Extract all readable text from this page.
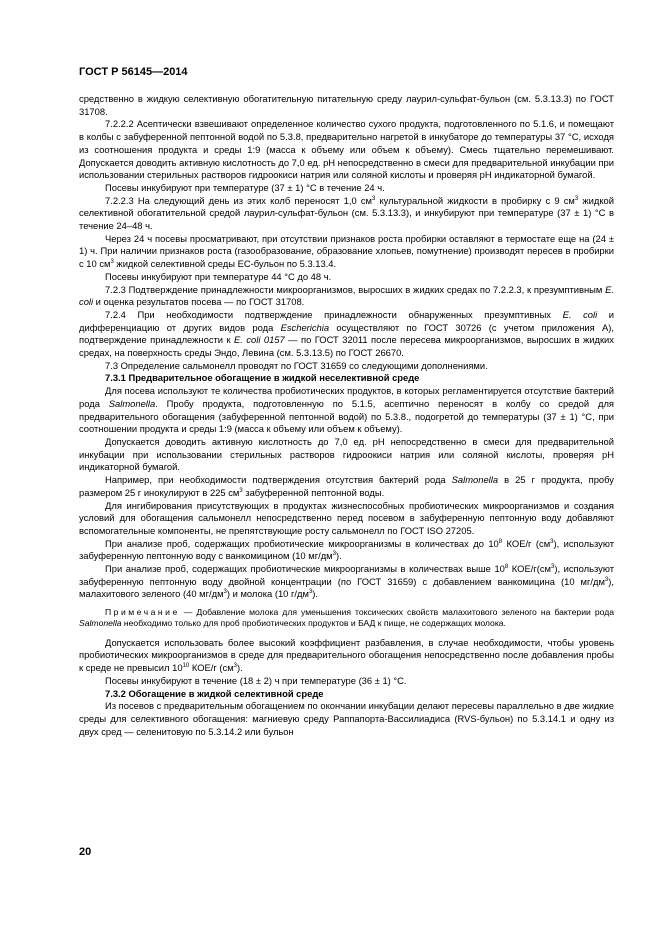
ГОСТ Р 56145—2014

средственно в жидкую селективную обогатительную питательную среду лаурил-сульфат-бульон (см. 5.3.13.3) по ГОСТ 31708.

7.2.2.2 Асептически взвешивают определенное количество сухого продукта, подготовленного по 5.1.6, и помещают в колбы с забуференной пептонной водой по 5.3.8, предварительно нагретой в инкубаторе до температуры 37 °С, исходя из соотношения продукта и среды 1:9 (масса к объему или объем к объему). Смесь тщательно перемешивают. Допускается доводить активную кислотность до 7,0 ед. рН непосредственно в смеси для предварительной инкубации при использовании стерильных растворов гидроокиси натрия или соляной кислоты и проверяя рН индикаторной бумагой.

Посевы инкубируют при температуре (37 ± 1) °С в течение 24 ч.

7.2.2.3 На следующий день из этих колб переносят 1,0 $см^3$ культуральной жидкости в пробирку с 9 $см^3$ жидкой селективной обогатительной средой лаурил-сульфат-бульон (см. 5.3.13.3), и инкубируют при температуре (37 ± 1) °С в течение 24–48 ч.

Через 24 ч посевы просматривают, при отсутствии признаков роста пробирки оставляют в термостате еще на (24 ± 1) ч. При наличии признаков роста (газообразование, образование хлопьев, помутнение) производят пересев в пробирки с 10 $см^3$ жидкой селективной среды ЕС-бульон по 5.3.13.4.

Посевы инкубируют при температуре 44 °С до 48 ч.

7.2.3 Подтверждение принадлежности микроорганизмов, выросших в жидких средах по 7.2.2.3, к презумптивным E. coli и оценка результатов посева — по ГОСТ 31708.

7.2.4 При необходимости подтверждение принадлежности обнаруженных презумптивных E. coli и дифференциацию от других видов рода Escherichia осуществляют по ГОСТ 30726 (с учетом приложения А), подтверждение принадлежности к E. coli 0157 — по ГОСТ 32011 после пересева микроорганизмов, выросших в жидких средах, на поверхность среды Эндо, Левина (см. 5.3.13.5) по ГОСТ 26670.

7.3 Определение сальмонелл проводят по ГОСТ 31659 со следующими дополнениями.

7.3.1 Предварительное обогащение в жидкой неселективной среде

Для посева используют те количества пробиотических продуктов, в которых регламентируется отсутствие бактерий рода Salmonella. Пробу продукта, подготовленную по 5.1.5, асептично переносят в колбу со средой для предварительного обогащения (забуференной пептонной водой) по 5.3.8., подогретой до температуры (37 ± 1) °С, при соотношении продукта и среды 1:9 (масса к объему или объем к объему).

Допускается доводить активную кислотность до 7,0 ед. рН непосредственно в смеси для предварительной инкубации при использовании стерильных растворов гидроокиси натрия или соляной кислоты, проверяя рН индикаторной бумагой.

Например, при необходимости подтверждения отсутствия бактерий рода Salmonella в 25 г продукта, пробу размером 25 г инокулируют в 225 $см^3$ забуференной пептонной воды.

Для ингибирования присутствующих в продуктах жизнеспособных пробиотических микроорганизмов и создания условий для обогащения сальмонелл непосредственно перед посевом в забуференную пептонную воду добавляют вспомогательные компоненты, не препятствующие росту сальмонелл по ГОСТ ISO 27205.

При анализе проб, содержащих пробиотические микроорганизмы в количествах до $10^8$ КОЕ/г $(см^3)$, используют забуференную пептонную воду с ванкомицином (10 $мг/дм^3$).

При анализе проб, содержащих пробиотические микроорганизмы в количествах выше $10^8$ КОЕ/$г(см^3)$, используют забуференную пептонную воду двойной концентрации (по ГОСТ 31659) с добавлением ванкомицина (10 $мг/дм^3$), малахитового зеленого (40 $мг/дм^3$) и молока (10 $г/дм^3$).

Примечание — Добавление молока для уменьшения токсических свойств малахитового зеленого на бактерии рода Salmonella необходимо только для проб пробиотических продуктов и БАД к пище, не содержащих молока.

Допускается использовать более высокий коэффициент разбавления, в случае необходимости, чтобы уровень пробиотических микроорганизмов в среде для предварительного обогащения непосредственно после добавления пробы к среде не превысил $10^{10}$ КОЕ/г $(см^3)$.

Посевы инкубируют в течение (18 ± 2) ч при температуре (36 ± 1) °С.

7.3.2 Обогащение в жидкой селективной среде

Из посевов с предварительным обогащением по окончании инкубации делают пересевы параллельно в две жидкие среды для селективного обогащения: магниевую среду Раппапорта-Вассилиадиса (RVS-бульон) по 5.3.14.1 и одну из двух сред — селенитовую по 5.3.14.2 или бульон

20
